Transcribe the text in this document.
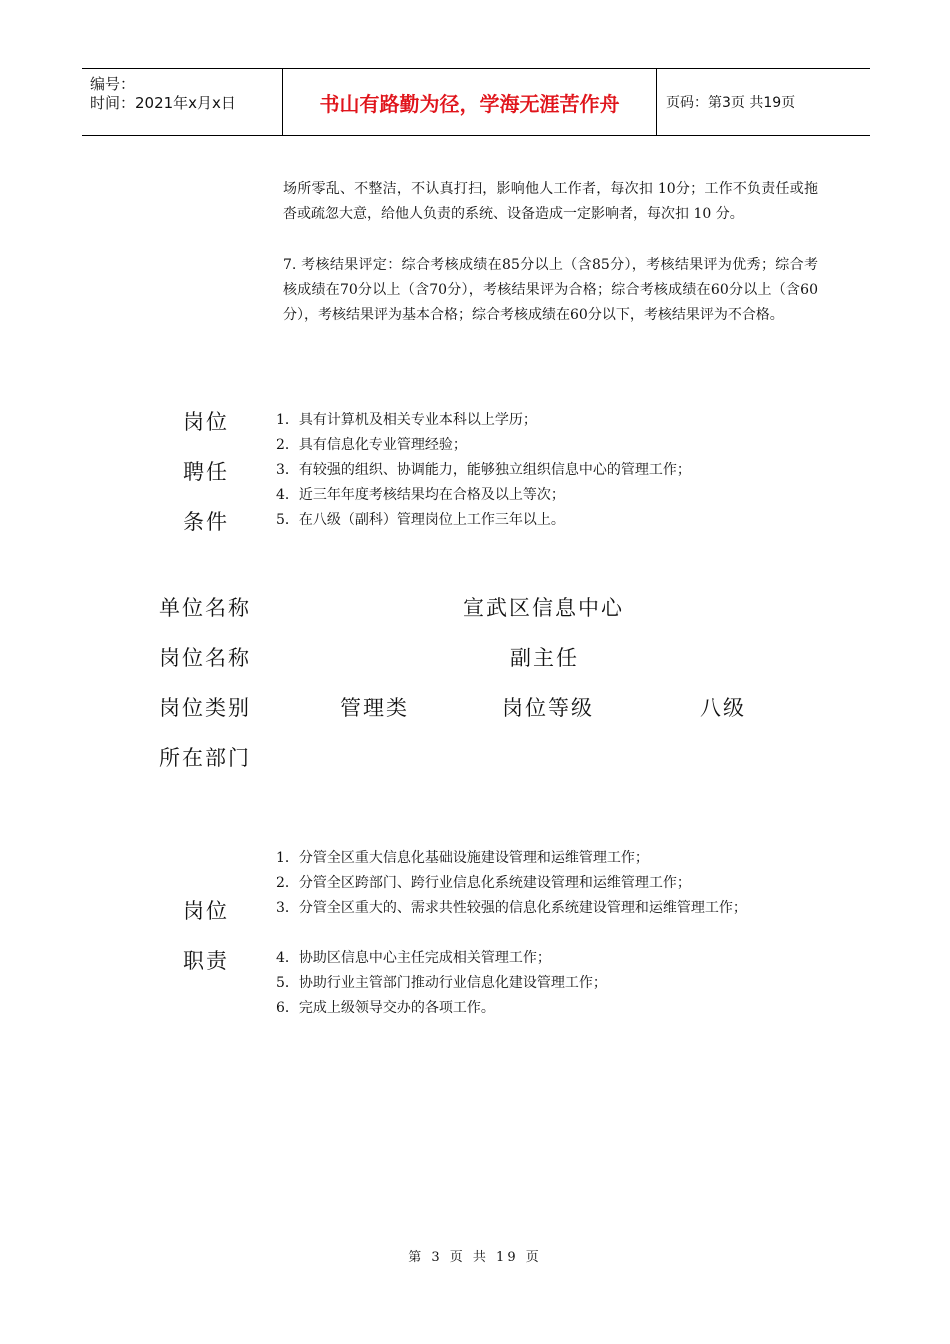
编号：
时间：2021年x月x日	书山有路勤为径，学海无涯苦作舟	页码：第3页 共19页

场所零乱、不整洁，不认真打扫，影响他人工作者，每次扣 10分；工作不负责任或拖沓或疏忽大意，给他人负责的系统、设备造成一定影响者，每次扣 10 分。

7. 考核结果评定：综合考核成绩在85分以上（含85分），考核结果评为优秀；综合考核成绩在70分以上（含70分），考核结果评为合格；综合考核成绩在60分以上（含60分），考核结果评为基本合格；综合考核成绩在60分以下，考核结果评为不合格。

岗位
聘任
条件

1．具有计算机及相关专业本科以上学历；

2．具有信息化专业管理经验；

3．有较强的组织、协调能力，能够独立组织信息中心的管理工作；

4．近三年年度考核结果均在合格及以上等次；

5．在八级（副科）管理岗位上工作三年以上。

单位名称	宣武区信息中心
岗位名称	副主任
岗位类别	管理类	岗位等级	八级
所在部门
岗位
职责

1．分管全区重大信息化基础设施建设管理和运维管理工作；

2．分管全区跨部门、跨行业信息化系统建设管理和运维管理工作；

3．分管全区重大的、需求共性较强的信息化系统建设管理和运维管理工作；

4．协助区信息中心主任完成相关管理工作；

5．协助行业主管部门推动行业信息化建设管理工作；

6．完成上级领导交办的各项工作。

第 3 页 共 19 页
